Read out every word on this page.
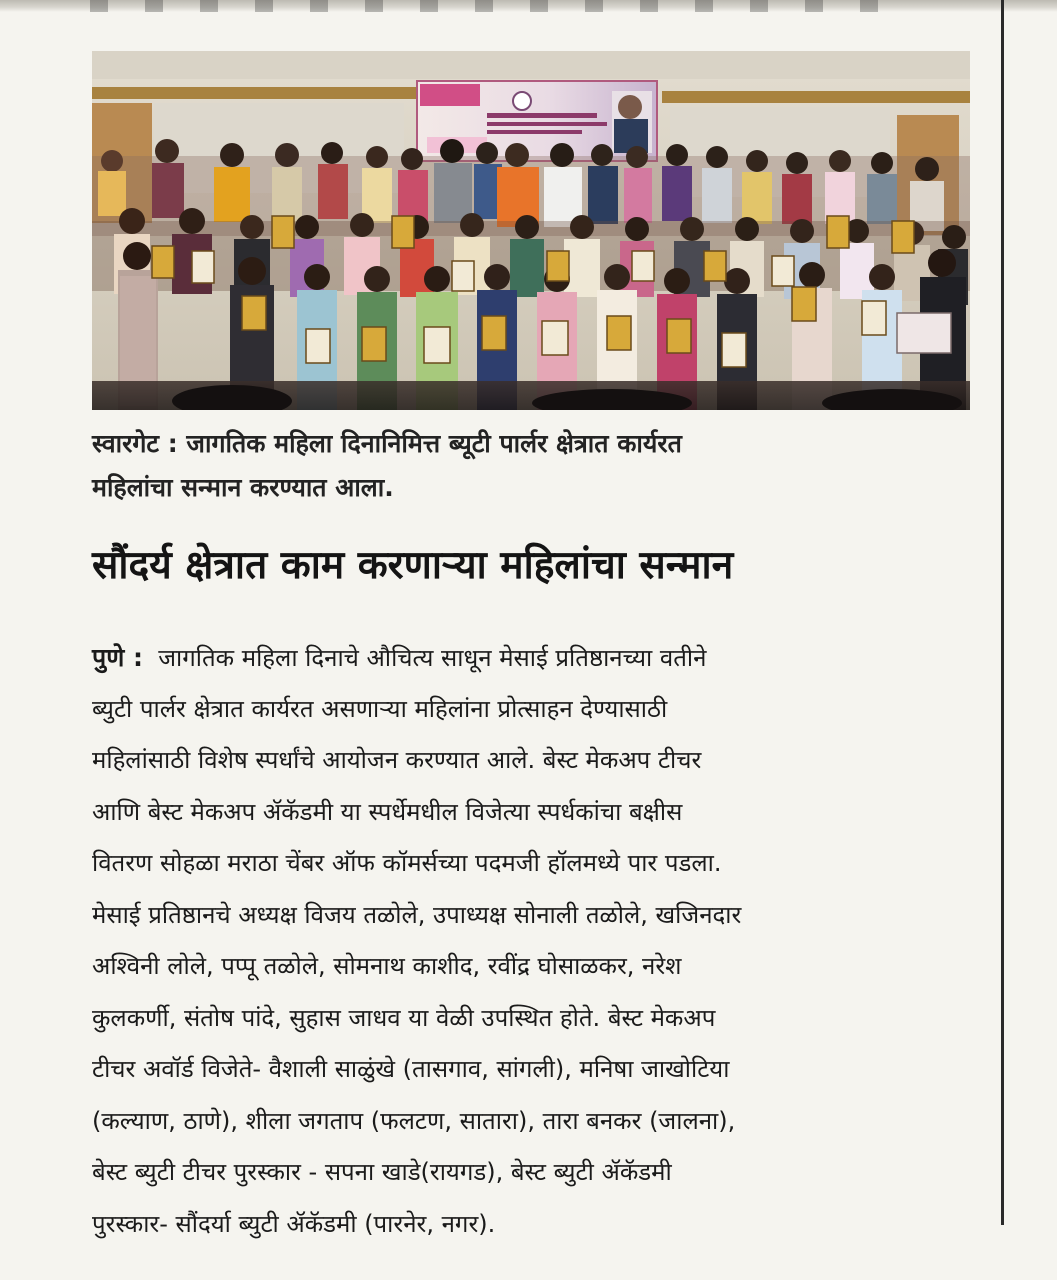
स्वारगेट : जागतिक महिला दिनानिमित्त ब्यूटी पार्लर क्षेत्रात कार्यरत
महिलांचा सन्मान करण्यात आला.
सौंदर्य क्षेत्रात काम करणाऱ्या महिलांचा सन्मान
पुणे : जागतिक महिला दिनाचे औचित्य साधून मेसाई प्रतिष्ठानच्या वतीने
ब्युटी पार्लर क्षेत्रात कार्यरत असणाऱ्या महिलांना प्रोत्साहन देण्यासाठी
महिलांसाठी विशेष स्पर्धांचे आयोजन करण्यात आले. बेस्ट मेकअप टीचर
आणि बेस्ट मेकअप ॲकॅडमी या स्पर्धेमधील विजेत्या स्पर्धकांचा बक्षीस
वितरण सोहळा मराठा चेंबर ऑफ कॉमर्सच्या पदमजी हॉलमध्ये पार पडला.
मेसाई प्रतिष्ठानचे अध्यक्ष विजय तळोले, उपाध्यक्ष सोनाली तळोले, खजिनदार
अश्विनी लोले, पप्पू तळोले, सोमनाथ काशीद, रवींद्र घोसाळकर, नरेश
कुलकर्णी, संतोष पांदे, सुहास जाधव या वेळी उपस्थित होते. बेस्ट मेकअप
टीचर अवॉर्ड विजेते- वैशाली साळुंखे (तासगाव, सांगली), मनिषा जाखोटिया
(कल्याण, ठाणे), शीला जगताप (फलटण, सातारा), तारा बनकर (जालना),
बेस्ट ब्युटी टीचर पुरस्कार - सपना खाडे(रायगड), बेस्ट ब्युटी ॲकॅडमी
पुरस्कार- सौंदर्या ब्युटी ॲकॅडमी (पारनेर, नगर).
